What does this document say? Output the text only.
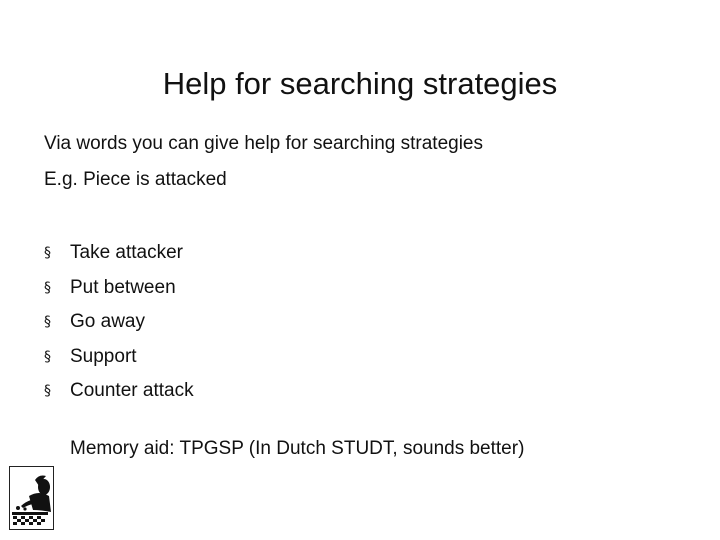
Help for searching strategies
Via words you can give help for searching strategies
E.g. Piece is attacked
§	Take attacker
§	Put between
§	Go away
§	Support
§	Counter attack
Memory aid: TPGSP (In Dutch STUDT, sounds better)
